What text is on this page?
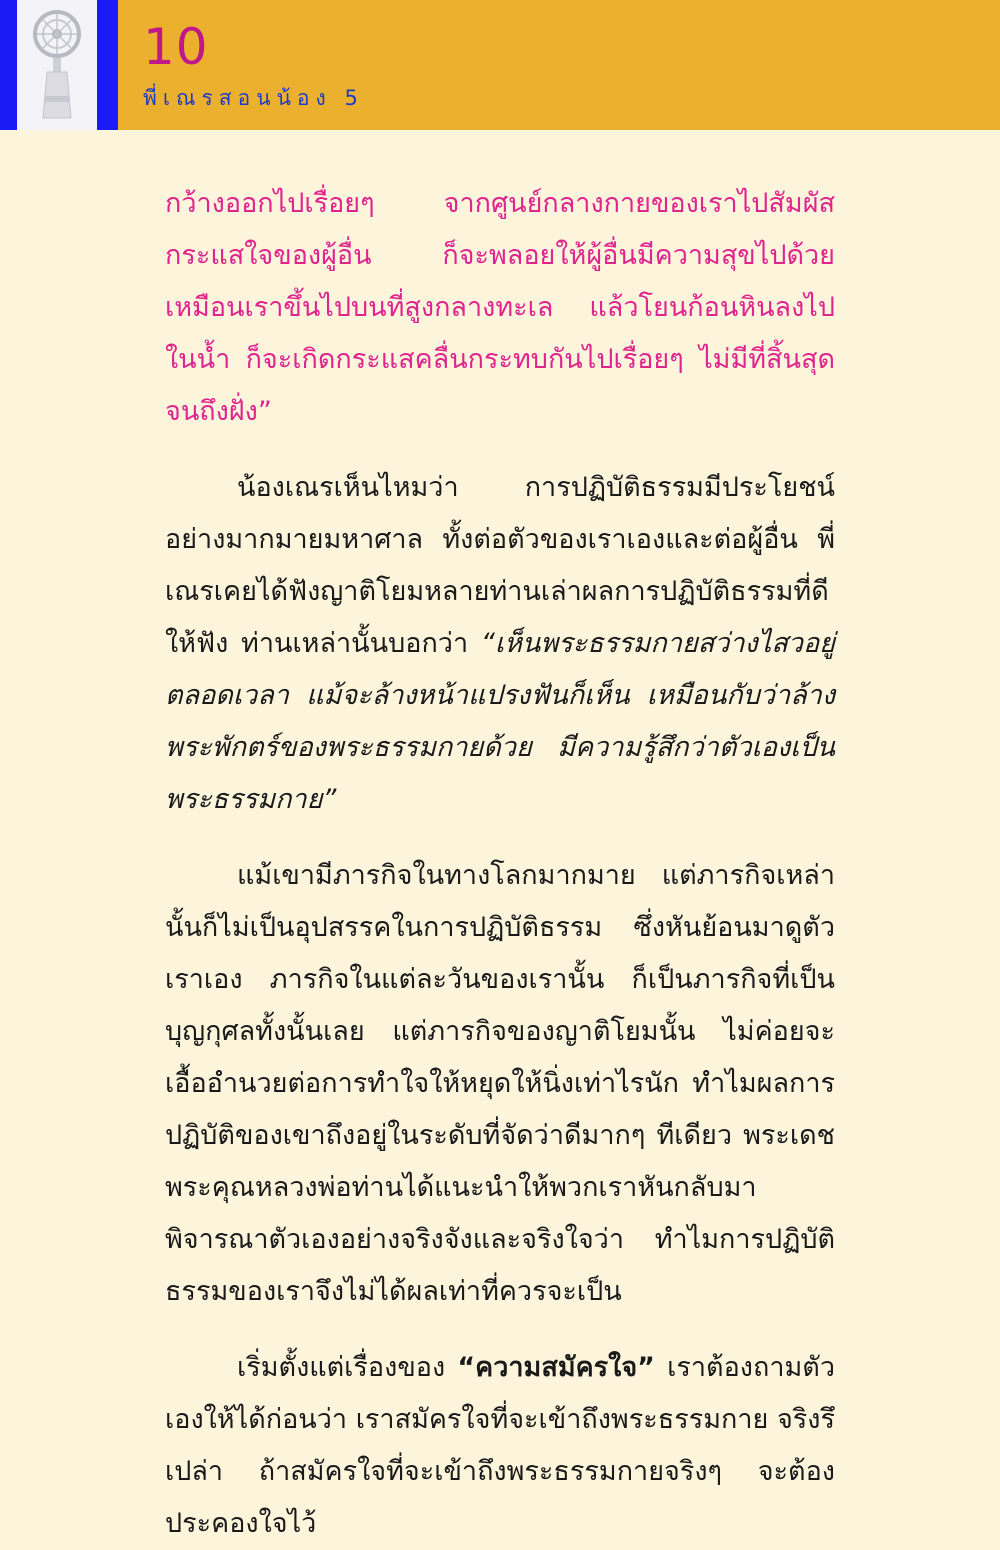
10
พี่เณรสอนน้อง 5

กว้างออกไปเรื่อยๆ จากศูนย์กลางกายของเราไปสัมผัสกระแสใจของผู้อื่น ก็จะพลอยให้ผู้อื่นมีความสุขไปด้วย เหมือนเราขึ้นไปบนที่สูงกลางทะเล แล้วโยนก้อนหินลงไปในน้ำ ก็จะเกิดกระแสคลื่นกระทบกันไปเรื่อยๆ ไม่มีที่สิ้นสุดจนถึงฝั่ง”

น้องเณรเห็นไหมว่า การปฏิบัติธรรมมีประโยชน์อย่างมากมายมหาศาล ทั้งต่อตัวของเราเองและต่อผู้อื่น พี่เณรเคยได้ฟังญาติโยมหลายท่านเล่าผลการปฏิบัติธรรมที่ดีให้ฟัง ท่านเหล่านั้นบอกว่า “เห็นพระธรรมกายสว่างไสวอยู่ตลอดเวลา แม้จะล้างหน้าแปรงฟันก็เห็น เหมือนกับว่าล้างพระพักตร์ของพระธรรมกายด้วย มีความรู้สึกว่าตัวเองเป็นพระธรรมกาย”

แม้เขามีภารกิจในทางโลกมากมาย แต่ภารกิจเหล่านั้นก็ไม่เป็นอุปสรรคในการปฏิบัติธรรม ซึ่งหันย้อนมาดูตัวเราเอง ภารกิจในแต่ละวันของเรานั้น ก็เป็นภารกิจที่เป็นบุญกุศลทั้งนั้นเลย แต่ภารกิจของญาติโยมนั้น ไม่ค่อยจะเอื้ออำนวยต่อการทำใจให้หยุดให้นิ่งเท่าไรนัก ทำไมผลการปฏิบัติของเขาถึงอยู่ในระดับที่จัดว่าดีมากๆ ทีเดียว พระเดชพระคุณหลวงพ่อท่านได้แนะนำให้พวกเราหันกลับมาพิจารณาตัวเองอย่างจริงจังและจริงใจว่า ทำไมการปฏิบัติธรรมของเราจึงไม่ได้ผลเท่าที่ควรจะเป็น

เริ่มตั้งแต่เรื่องของ “ความสมัครใจ” เราต้องถามตัวเองให้ได้ก่อนว่า เราสมัครใจที่จะเข้าถึงพระธรรมกาย จริงรึเปล่า ถ้าสมัครใจที่จะเข้าถึงพระธรรมกายจริงๆ จะต้องประคองใจไว้
